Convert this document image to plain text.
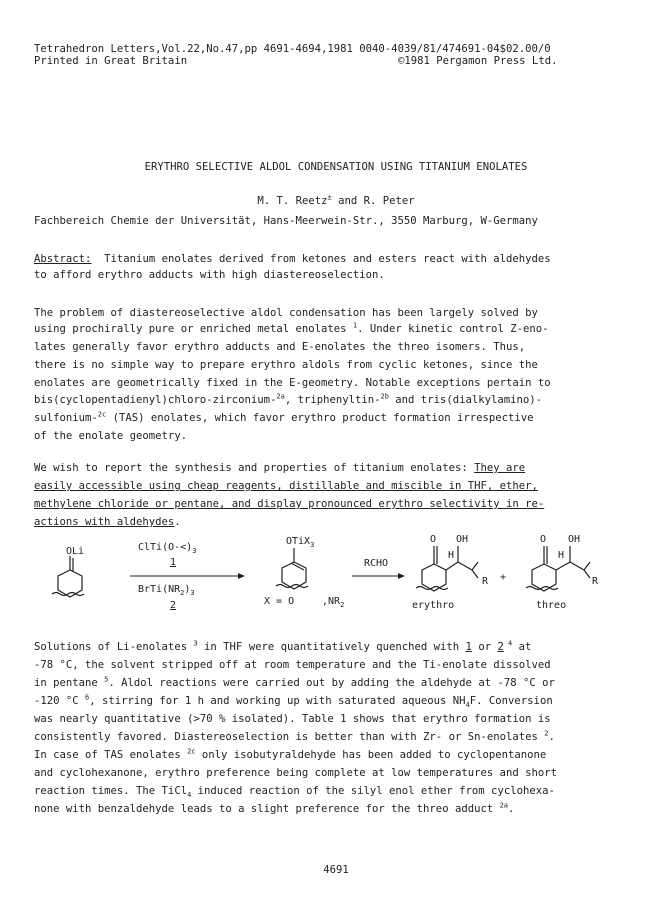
Tetrahedron Letters,Vol.22,No.47,pp 4691-4694,1981 0040-4039/81/474691-04$02.00/0
Printed in Great Britain	©1981 Pergamon Press Ltd.
ERYTHRO SELECTIVE ALDOL CONDENSATION USING TITANIUM ENOLATES
M. T. Reetz± and R. Peter
Fachbereich Chemie der Universität, Hans-Meerwein-Str., 3550 Marburg, W-Germany
Abstract: Titanium enolates derived from ketones and esters react with aldehydes
to afford erythro adducts with high diastereoselection.
The problem of diastereoselective aldol condensation has been largely solved by
using prochirally pure or enriched metal enolates $^1$. Under kinetic control Z-eno-
lates generally favor erythro adducts and E-enolates the threo isomers. Thus,
there is no simple way to prepare erythro aldols from cyclic ketones, since the
enolates are geometrically fixed in the E-geometry. Notable exceptions pertain to
bis(cyclopentadienyl)chloro-zirconium-$^{2a}$, triphenyltin-$^{2b}$ and tris(dialkylamino)-
sulfonium-$^{2c}$ (TAS) enolates, which favor erythro product formation irrespective
of the enolate geometry.
We wish to report the synthesis and properties of titanium enolates: They are
easily accessible using cheap reagents, distillable and miscible in THF, ether,
methylene chloride or pentane, and display pronounced erythro selectivity in re-
actions with aldehydes.
OLi	$ClTi(O-<)_3$
1
$BrTi(NR_2)_3$
2
OTiX$_3$
X = O	$,NR_2$
RCHO
O OH
H
R
erythro
+
O OH
H
R
threo
Solutions of Li-enolates $^3$ in THF were quantitatively quenched with 1 or 2 $^4$ at
-78 °C, the solvent stripped off at room temperature and the Ti-enolate dissolved
in pentane $^5$. Aldol reactions were carried out by adding the aldehyde at -78 °C or
-120 °C $^6$, stirring for 1 h and working up with saturated aqueous $NH_4F$. Conversion
was nearly quantitative (>70 % isolated). Table 1 shows that erythro formation is
consistently favored. Diastereoselection is better than with Zr- or Sn-enolates $^2$.
In case of TAS enolates $^{2c}$ only isobutyraldehyde has been added to cyclopentanone
and cyclohexanone, erythro preference being complete at low temperatures and short
reaction times. The TiCl$_4$ induced reaction of the silyl enol ether from cyclohexa-
none with benzaldehyde leads to a slight preference for the threo adduct $^{2a}$.
4691
